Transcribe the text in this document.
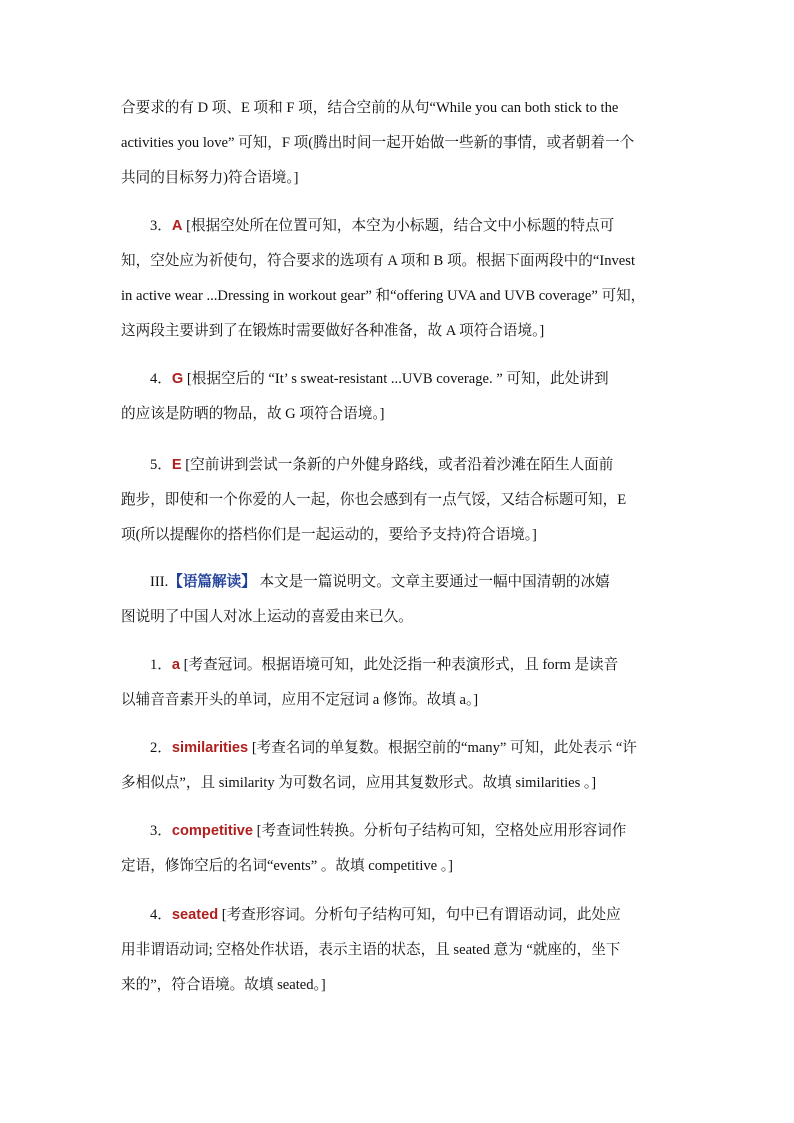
合要求的有 D 项、E 项和 F 项，结合空前的从句“While you can both stick to the

activities you love” 可知，F 项(腾出时间一起开始做一些新的事情，或者朝着一个

共同的目标努力)符合语境。]

3．A [根据空处所在位置可知，本空为小标题，结合文中小标题的特点可

知，空处应为祈使句，符合要求的选项有 A 项和 B 项。根据下面两段中的“Invest

in active wear ...Dressing in workout gear” 和“offering UVA and UVB coverage” 可知，

这两段主要讲到了在锻炼时需要做好各种准备，故 A 项符合语境。]

4．G [根据空后的 “It’ s sweat-resistant ...UVB coverage. ” 可知，此处讲到

的应该是防晒的物品，故 G 项符合语境。]

5．E [空前讲到尝试一条新的户外健身路线，或者沿着沙滩在陌生人面前

跑步，即使和一个你爱的人一起，你也会感到有一点气馁，又结合标题可知，E

项(所以提醒你的搭档你们是一起运动的，要给予支持)符合语境。]

III.【语篇解读】 本文是一篇说明文。文章主要通过一幅中国清朝的冰嬉

图说明了中国人对冰上运动的喜爱由来已久。

1．a [考查冠词。根据语境可知，此处泛指一种表演形式，且 form 是读音

以辅音音素开头的单词，应用不定冠词 a 修饰。故填 a。]

2．similarities [考查名词的单复数。根据空前的“many” 可知，此处表示 “许

多相似点”，且 similarity 为可数名词，应用其复数形式。故填 similarities 。]

3．competitive [考查词性转换。分析句子结构可知，空格处应用形容词作

定语，修饰空后的名词“events” 。故填 competitive 。]

4．seated [考查形容词。分析句子结构可知，句中已有谓语动词，此处应

用非谓语动词; 空格处作状语，表示主语的状态，且 seated 意为 “就座的，坐下

来的”，符合语境。故填 seated。]
